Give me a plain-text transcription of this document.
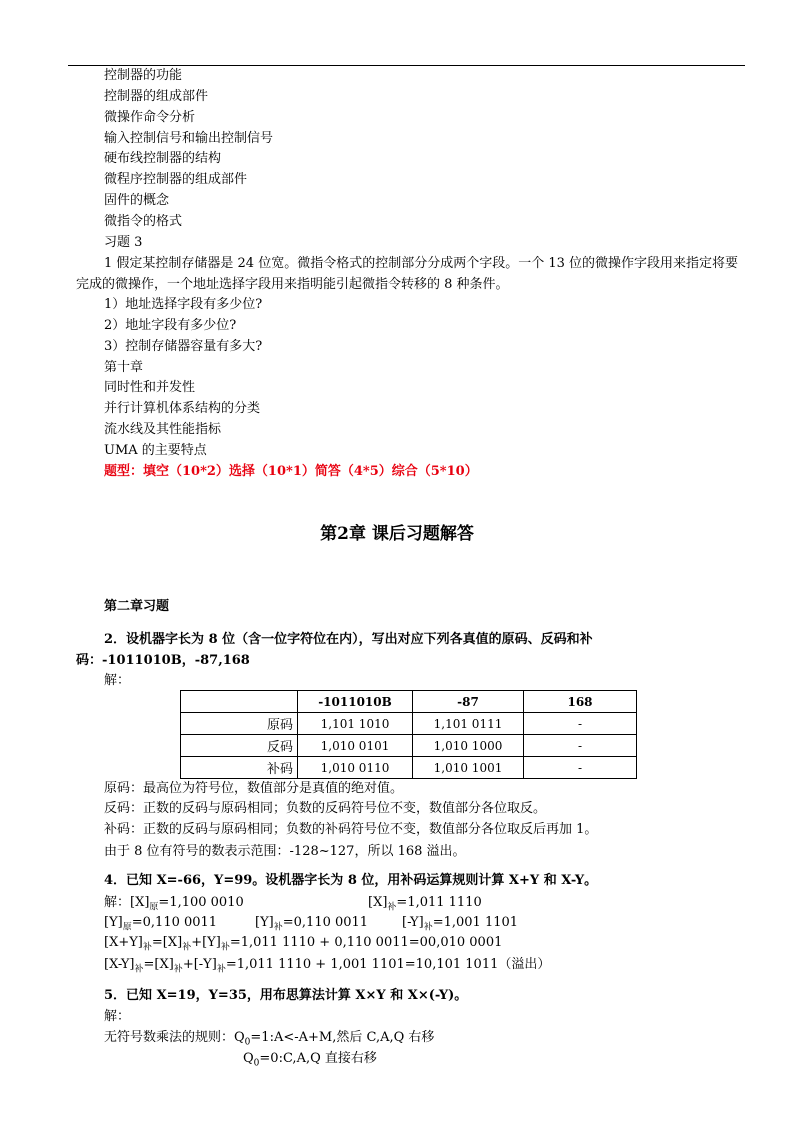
控制器的功能
控制器的组成部件
微操作命令分析
输入控制信号和输出控制信号
硬布线控制器的结构
微程序控制器的组成部件
固件的概念
微指令的格式
习题 3
1 假定某控制存储器是 24 位宽。微指令格式的控制部分分成两个字段。一个 13 位的微操作字段用来指定将要完成的微操作，一个地址选择字段用来指明能引起微指令转移的 8 种条件。
1）地址选择字段有多少位?
2）地址字段有多少位?
3）控制存储器容量有多大?
第十章
同时性和并发性
并行计算机体系结构的分类
流水线及其性能指标
UMA 的主要特点
题型：填空（10*2）选择（10*1）简答（4*5）综合（5*10）
第2章 课后习题解答
第二章习题
2．设机器字长为 8 位（含一位字符位在内），写出对应下列各真值的原码、反码和补码：-1011010B，-87,168
解：
	-1011010B	-87	168
原码	1,101 1010	1,101 0111	-
反码	1,010 0101	1,010 1000	-
补码	1,010 0110	1,010 1001	-
原码：最高位为符号位，数值部分是真值的绝对值。
反码：正数的反码与原码相同；负数的反码符号位不变，数值部分各位取反。
补码：正数的反码与原码相同；负数的补码符号位不变，数值部分各位取反后再加 1。
由于 8 位有符号的数表示范围：-128~127，所以 168 溢出。
4．已知 X=-66，Y=99。设机器字长为 8 位，用补码运算规则计算 X+Y 和 X-Y。
解：$[X]_原=1,100$ 0010	$[X]_补=1,011$ 1110
$[Y]_原=0,110$ 0011	$[Y]_补=0,110$ 0011	$[-Y]_补=1,001$ 1101
$[X+Y]_补=[X]_补+[Y]_补=1,011$ 1110 + 0,110 0011=00,010 0001
$[X-Y]_补=[X]_补+[-Y]_补=1,011$ 1110 + 1,001 1101=10,101 1011（溢出）
5．已知 X=19，Y=35，用布思算法计算 X×Y 和 X×(-Y)。
解：
无符号数乘法的规则：$Q_0=1:A<-A+M$,然后 C,A,Q 右移
$Q_0=0:C,A,Q$ 直接右移
